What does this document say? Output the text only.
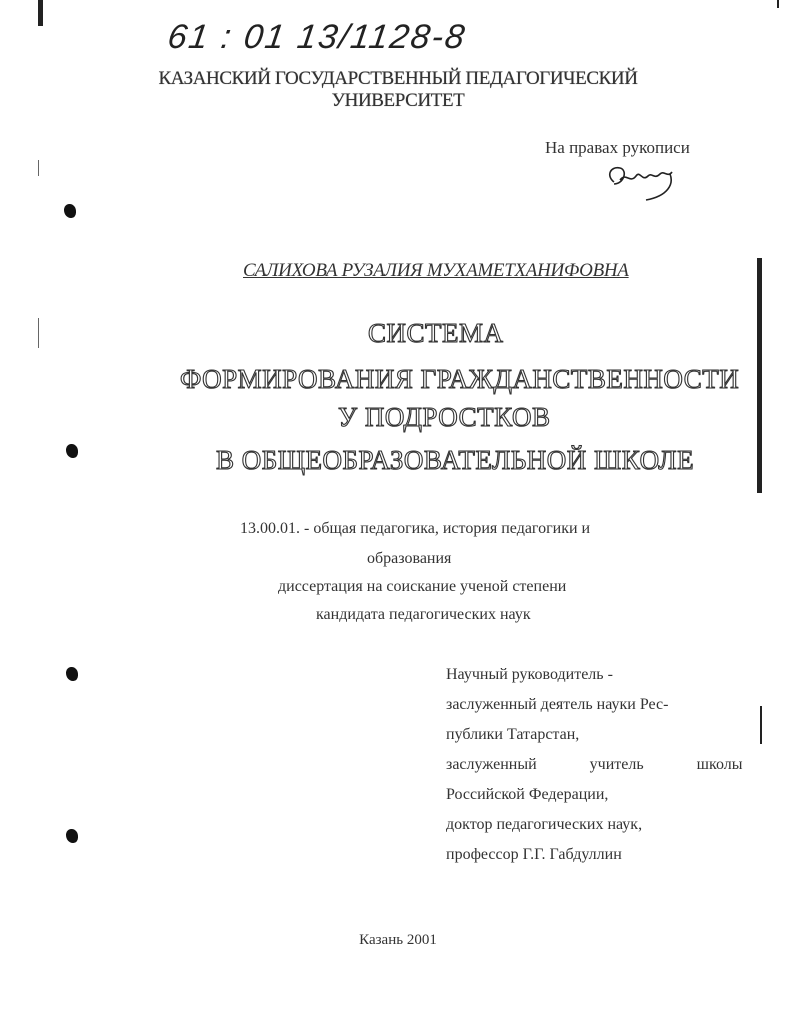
61 : 01 13/1128-8
КАЗАНСКИЙ ГОСУДАРСТВЕННЫЙ ПЕДАГОГИЧЕСКИЙ
УНИВЕРСИТЕТ
На правах рукописи
САЛИХОВА РУЗАЛИЯ МУХАМЕТХАНИФОВНА
СИСТЕМА
ФОРМИРОВАНИЯ ГРАЖДАНСТВЕННОСТИ
У ПОДРОСТКОВ
В ОБЩЕОБРАЗОВАТЕЛЬНОЙ ШКОЛЕ
13.00.01. - общая педагогика, история педагогики и
образования
диссертация на соискание ученой степени
кандидата педагогических наук
Научный руководитель -
заслуженный деятель науки Рес-
публики Татарстан,
заслуженный учитель школы
Российской Федерации,
доктор педагогических наук,
профессор Г.Г. Габдуллин
Казань 2001
